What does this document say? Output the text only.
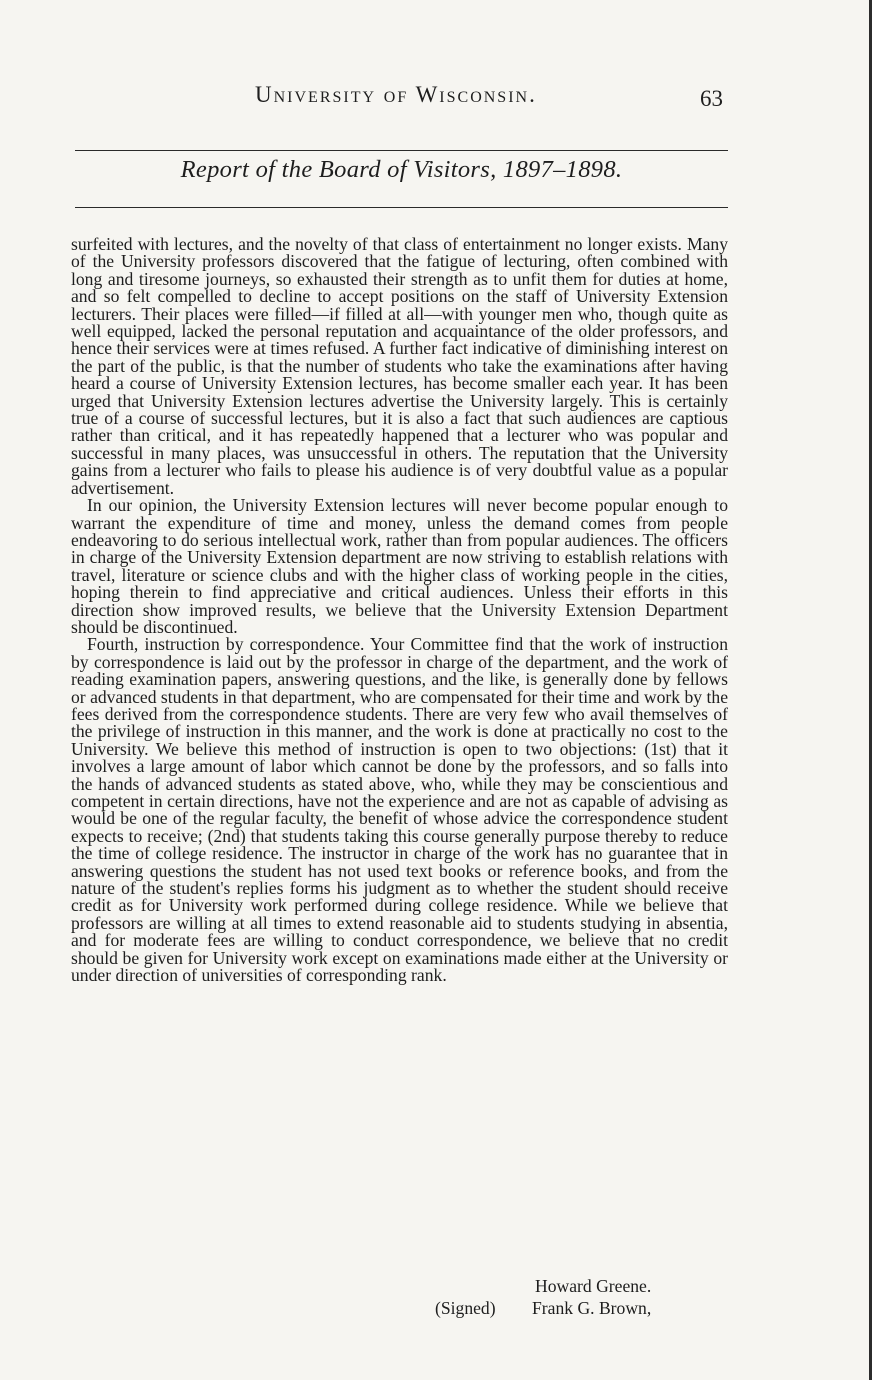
University of Wisconsin.	63
Report of the Board of Visitors, 1897–1898.

surfeited with lectures, and the novelty of that class of entertainment no longer exists. Many of the University professors discovered that the fatigue of lecturing, often combined with long and tiresome journeys, so exhausted their strength as to unfit them for duties at home, and so felt compelled to decline to accept positions on the staff of University Extension lecturers. Their places were filled—if filled at all—with younger men who, though quite as well equipped, lacked the personal reputation and acquaintance of the older professors, and hence their services were at times refused. A further fact indicative of diminishing interest on the part of the public, is that the number of students who take the examinations after having heard a course of University Extension lectures, has become smaller each year. It has been urged that University Extension lectures advertise the University largely. This is certainly true of a course of successful lectures, but it is also a fact that such audiences are captious rather than critical, and it has repeatedly happened that a lecturer who was popular and successful in many places, was unsuccessful in others. The reputation that the University gains from a lecturer who fails to please his audience is of very doubtful value as a popular advertisement.

In our opinion, the University Extension lectures will never become popular enough to warrant the expenditure of time and money, unless the demand comes from people endeavoring to do serious intellectual work, rather than from popular audiences. The officers in charge of the University Extension department are now striving to establish relations with travel, literature or science clubs and with the higher class of working people in the cities, hoping therein to find appreciative and critical audiences. Unless their efforts in this direction show improved results, we believe that the University Extension Department should be discontinued.

Fourth, instruction by correspondence. Your Committee find that the work of instruction by correspondence is laid out by the professor in charge of the department, and the work of reading examination papers, answering questions, and the like, is generally done by fellows or advanced students in that department, who are compensated for their time and work by the fees derived from the correspondence students. There are very few who avail themselves of the privilege of instruction in this manner, and the work is done at practically no cost to the University. We believe this method of instruction is open to two objections: (1st) that it involves a large amount of labor which cannot be done by the professors, and so falls into the hands of advanced students as stated above, who, while they may be conscientious and competent in certain directions, have not the experience and are not as capable of advising as would be one of the regular faculty, the benefit of whose advice the correspondence student expects to receive; (2nd) that students taking this course generally purpose thereby to reduce the time of college residence. The instructor in charge of the work has no guarantee that in answering questions the student has not used text books or reference books, and from the nature of the student's replies forms his judgment as to whether the student should receive credit as for University work performed during college residence. While we believe that professors are willing at all times to extend reasonable aid to students studying in absentia, and for moderate fees are willing to conduct correspondence, we believe that no credit should be given for University work except on examinations made either at the University or under direction of universities of corresponding rank.

Howard Greene.
(Signed) Frank G. Brown,
